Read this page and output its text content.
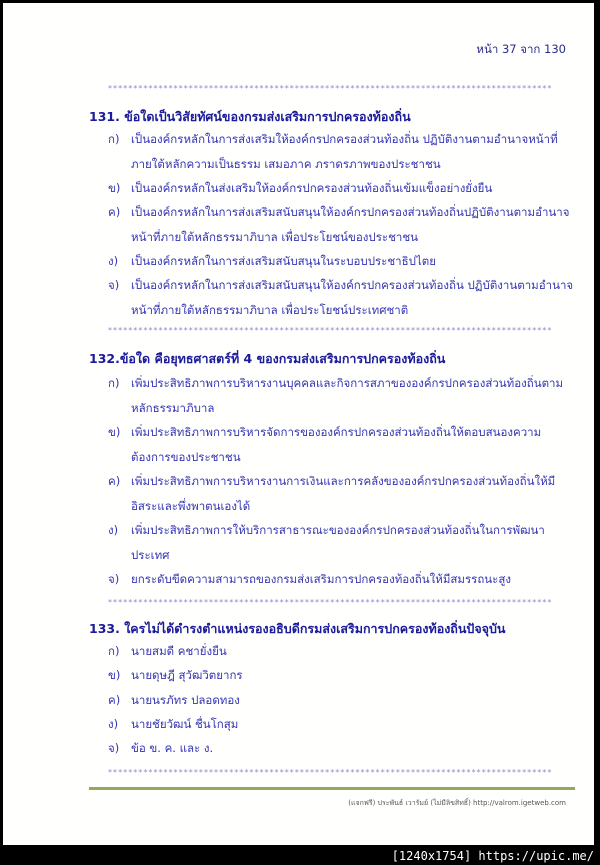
หน้า 37 จาก 130
****************************************************************************************
131. ข้อใดเป็นวิสัยทัศน์ของกรมส่งเสริมการปกครองท้องถิ่น
ก) เป็นองค์กรหลักในการส่งเสริมให้องค์กรปกครองส่วนท้องถิ่น ปฏิบัติงานตามอำนาจหน้าที่ภายใต้หลักความเป็นธรรม เสมอภาค ภราดรภาพของประชาชน
ข) เป็นองค์กรหลักในส่งเสริมให้องค์กรปกครองส่วนท้องถิ่นเข้มแข็งอย่างยั่งยืน
ค) เป็นองค์กรหลักในการส่งเสริมสนับสนุนให้องค์กรปกครองส่วนท้องถิ่นปฏิบัติงานตามอำนาจหน้าที่ภายใต้หลักธรรมาภิบาล เพื่อประโยชน์ของประชาชน
ง) เป็นองค์กรหลักในการส่งเสริมสนับสนุนในระบอบประชาธิปไตย
จ) เป็นองค์กรหลักในการส่งเสริมสนับสนุนให้องค์กรปกครองส่วนท้องถิ่น ปฏิบัติงานตามอำนาจหน้าที่ภายใต้หลักธรรมาภิบาล เพื่อประโยชน์ประเทศชาติ
****************************************************************************************
132.ข้อใด คือยุทธศาสตร์ที่ 4 ของกรมส่งเสริมการปกครองท้องถิ่น
ก) เพิ่มประสิทธิภาพการบริหารงานบุคคลและกิจการสภาขององค์กรปกครองส่วนท้องถิ่นตามหลักธรรมาภิบาล
ข) เพิ่มประสิทธิภาพการบริหารจัดการขององค์กรปกครองส่วนท้องถิ่นให้ตอบสนองความต้องการของประชาชน
ค) เพิ่มประสิทธิภาพการบริหารงานการเงินและการคลังขององค์กรปกครองส่วนท้องถิ่นให้มีอิสระและพึ่งพาตนเองได้
ง) เพิ่มประสิทธิภาพการให้บริการสาธารณะขององค์กรปกครองส่วนท้องถิ่นในการพัฒนาประเทศ
จ) ยกระดับขีดความสามารถของกรมส่งเสริมการปกครองท้องถิ่นให้มีสมรรถนะสูง
****************************************************************************************
133. ใครไม่ได้ดำรงตำแหน่งรองอธิบดีกรมส่งเสริมการปกครองท้องถิ่นปัจจุบัน
ก) นายสมดี คชายั่งยืน
ข) นายดุษฎี สุวัฒวิตยากร
ค) นายนรภัทร ปลอดทอง
ง) นายชัยวัฒน์ ชื่นโกสุม
จ) ข้อ ข. ค. และ ง.
****************************************************************************************
(แจกฟรี) ประพันธ์ เวารัมย์ (ไม่มีลิขสิทธิ์) http://valrom.igetweb.com
[1240x1754] https://upic.me/
